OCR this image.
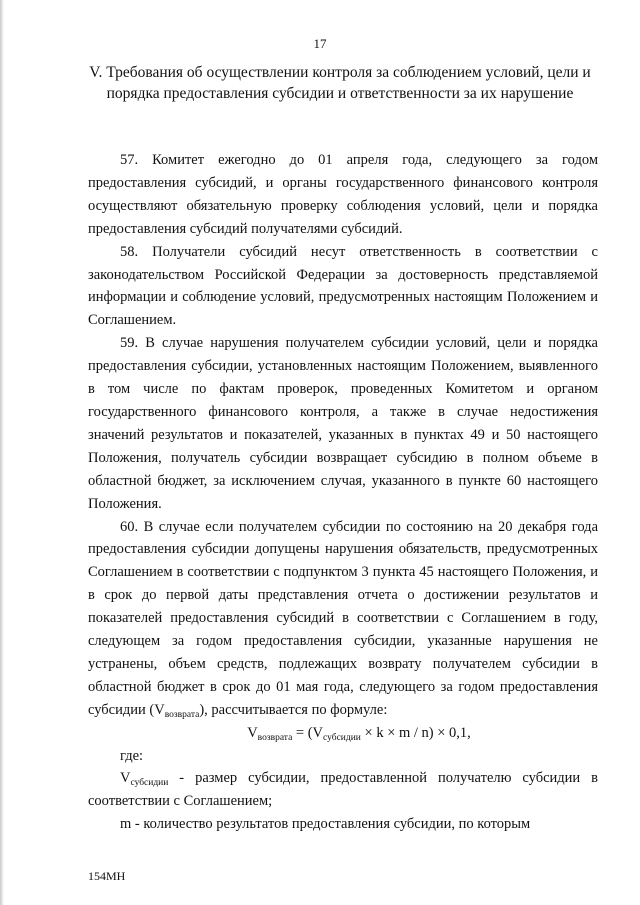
17
V. Требования об осуществлении контроля за соблюдением условий, цели и порядка предоставления субсидии и ответственности за их нарушение

57. Комитет ежегодно до 01 апреля года, следующего за годом предоставления субсидий, и органы государственного финансового контроля осуществляют обязательную проверку соблюдения условий, цели и порядка предоставления субсидий получателями субсидий.

58. Получатели субсидий несут ответственность в соответствии с законодательством Российской Федерации за достоверность представляемой информации и соблюдение условий, предусмотренных настоящим Положением и Соглашением.

59. В случае нарушения получателем субсидии условий, цели и порядка предоставления субсидии, установленных настоящим Положением, выявленного в том числе по фактам проверок, проведенных Комитетом и органом государственного финансового контроля, а также в случае недостижения значений результатов и показателей, указанных в пунктах 49 и 50 настоящего Положения, получатель субсидии возвращает субсидию в полном объеме в областной бюджет, за исключением случая, указанного в пункте 60 настоящего Положения.

60. В случае если получателем субсидии по состоянию на 20 декабря года предоставления субсидии допущены нарушения обязательств, предусмотренных Соглашением в соответствии с подпунктом 3 пункта 45 настоящего Положения, и в срок до первой даты представления отчета о достижении результатов и показателей предоставления субсидий в соответствии с Соглашением в году, следующем за годом предоставления субсидии, указанные нарушения не устранены, объем средств, подлежащих возврату получателем субсидии в областной бюджет в срок до 01 мая года, следующего за годом предоставления субсидии $(V_{возврата})$, рассчитывается по формуле:

$V_{возврата} = (V_{субсидии} \times k \times m / n) \times 0,1$,

где:

$V_{субсидии}$ - размер субсидии, предоставленной получателю субсидии в соответствии с Соглашением;

m - количество результатов предоставления субсидии, по которым

154МН
